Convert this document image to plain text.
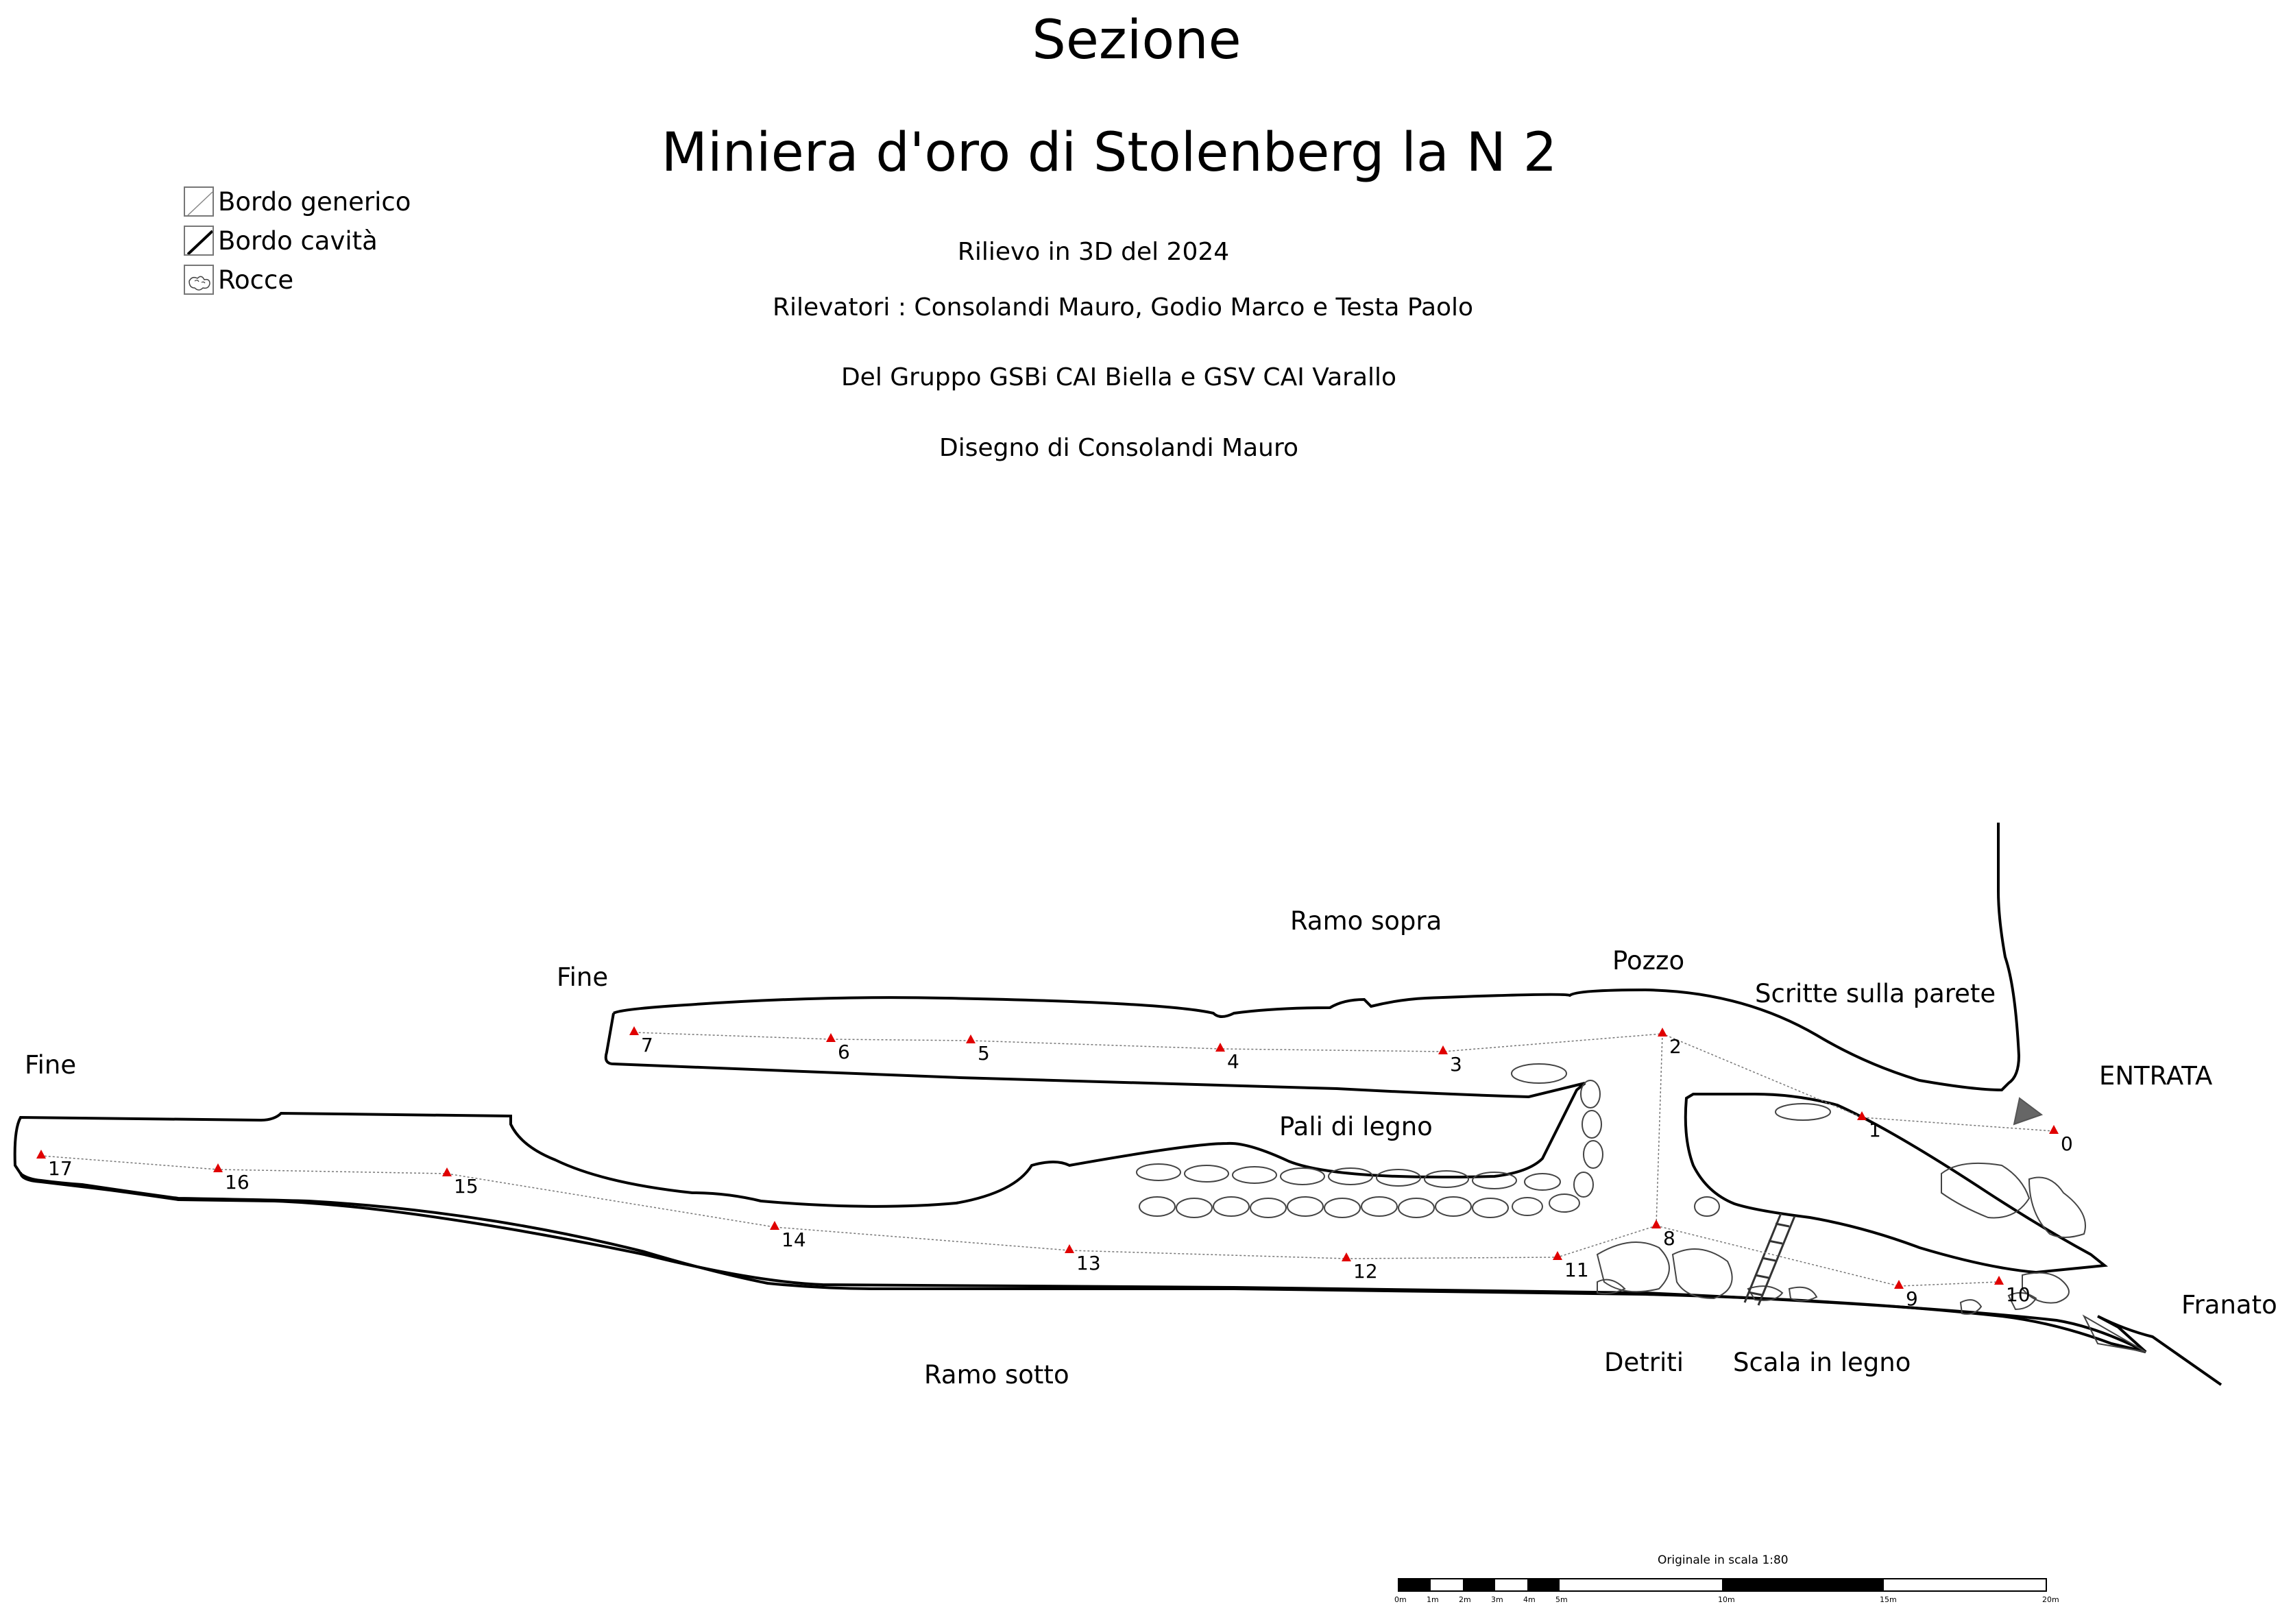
Sezione
Miniera d'oro di Stolenberg la N 2
Rilievo in 3D del 2024
Rilevatori : Consolandi Mauro, Godio Marco e Testa Paolo
Del Gruppo GSBi CAI Biella e GSV CAI Varallo
Disegno di Consolandi Mauro
Bordo generico
Bordo cavità
Rocce
0
1
2
3
4
5
6
7
8
9	10
11
12
13
14
15
16
17
Fine
Fine
Ramo sopra
Pozzo
Scritte sulla parete
ENTRATA
Pali di legno
Franato
Ramo sotto	Detriti Scala in legno
Originale in scala 1:80
0m	1m	2m	3m	4m	5m	10m	15m	20m
